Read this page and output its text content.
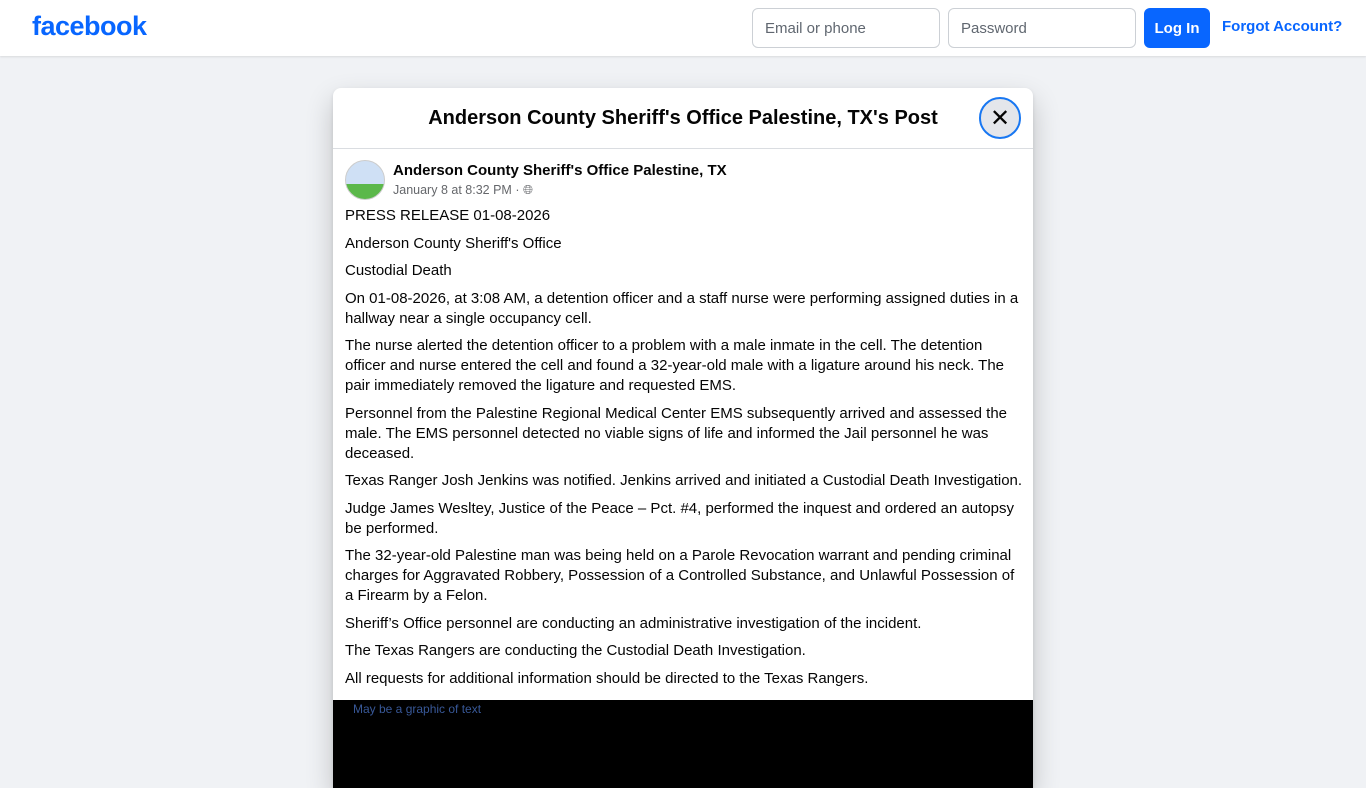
facebook
Email or phone	Log In	Forgot Account?
Anderson County Sheriff's Office Palestine, TX's Post	✕
Anderson County Sheriff's Office Palestine, TX
January 8 at 8:32 PM · 🌐︎

PRESS RELEASE 01-08-2026

Anderson County Sheriff's Office

Custodial Death

On 01-08-2026, at 3:08 AM, a detention officer and a staff nurse were performing assigned duties in a hallway near a single occupancy cell.

The nurse alerted the detention officer to a problem with a male inmate in the cell. The detention officer and nurse entered the cell and found a 32-year-old male with a ligature around his neck. The pair immediately removed the ligature and requested EMS.

Personnel from the Palestine Regional Medical Center EMS subsequently arrived and assessed the male. The EMS personnel detected no viable signs of life and informed the Jail personnel he was deceased.

Texas Ranger Josh Jenkins was notified. Jenkins arrived and initiated a Custodial Death Investigation.

Judge James Wesltey, Justice of the Peace – Pct. #4, performed the inquest and ordered an autopsy be performed.

The 32-year-old Palestine man was being held on a Parole Revocation warrant and pending criminal charges for Aggravated Robbery, Possession of a Controlled Substance, and Unlawful Possession of a Firearm by a Felon.

Sheriff’s Office personnel are conducting an administrative investigation of the incident.

The Texas Rangers are conducting the Custodial Death Investigation.

All requests for additional information should be directed to the Texas Rangers.

May be a graphic of text
